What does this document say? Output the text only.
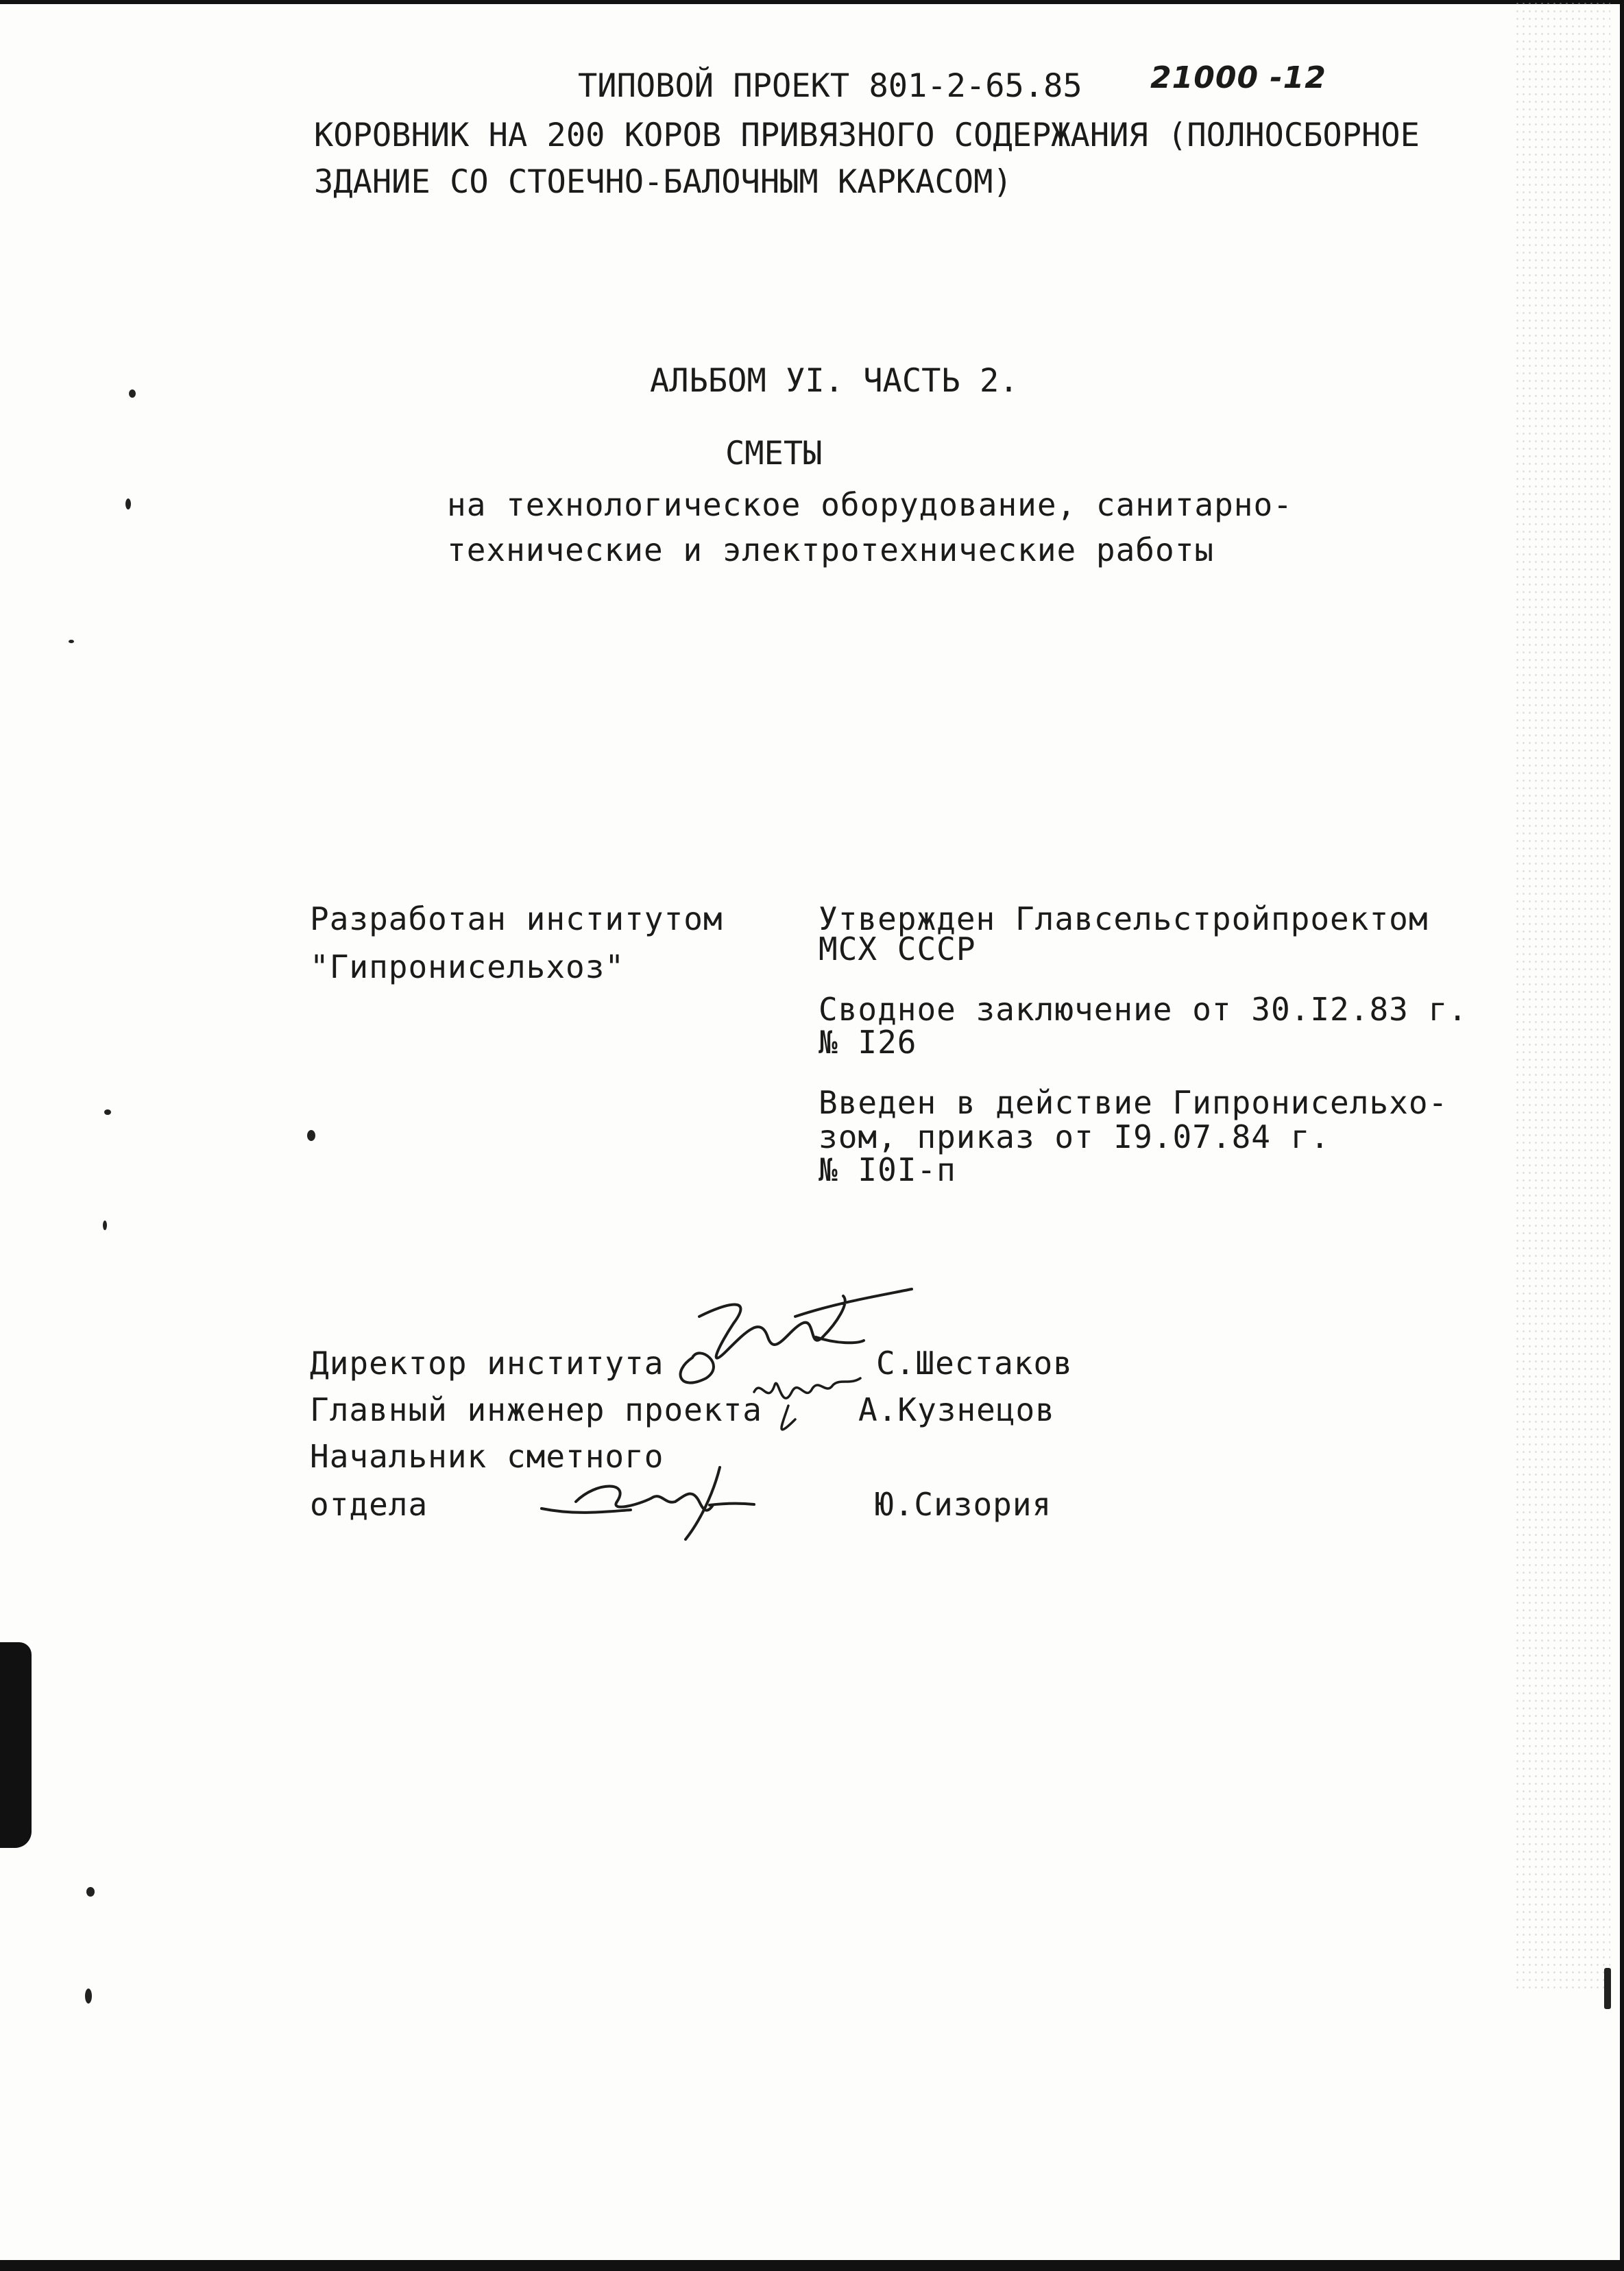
ТИПОВОЙ ПРОЕКТ 801-2-65.85 21000 -12
КОРОВНИК НА 200 КОРОВ ПРИВЯЗНОГО СОДЕРЖАНИЯ (ПОЛНОСБОРНОЕ
ЗДАНИЕ СО СТОЕЧНО-БАЛОЧНЫМ КАРКАСОМ)
АЛЬБОМ УI. ЧАСТЬ 2.
СМЕТЫ
на технологическое оборудование, санитарно-
технические и электротехнические работы
Разработан институтом
"Гипронисельхоз"
Утвержден Главсельстройпроектом
МСХ СССР
Сводное заключение от 30.I2.83 г.
№ I26
Введен в действие Гипронисельхо-
зом, приказ от I9.07.84 г.
№ I0I-п
Директор института	С.Шестаков
Главный инженер проекта	А.Кузнецов
Начальник сметного
отдела	Ю.Сизория
